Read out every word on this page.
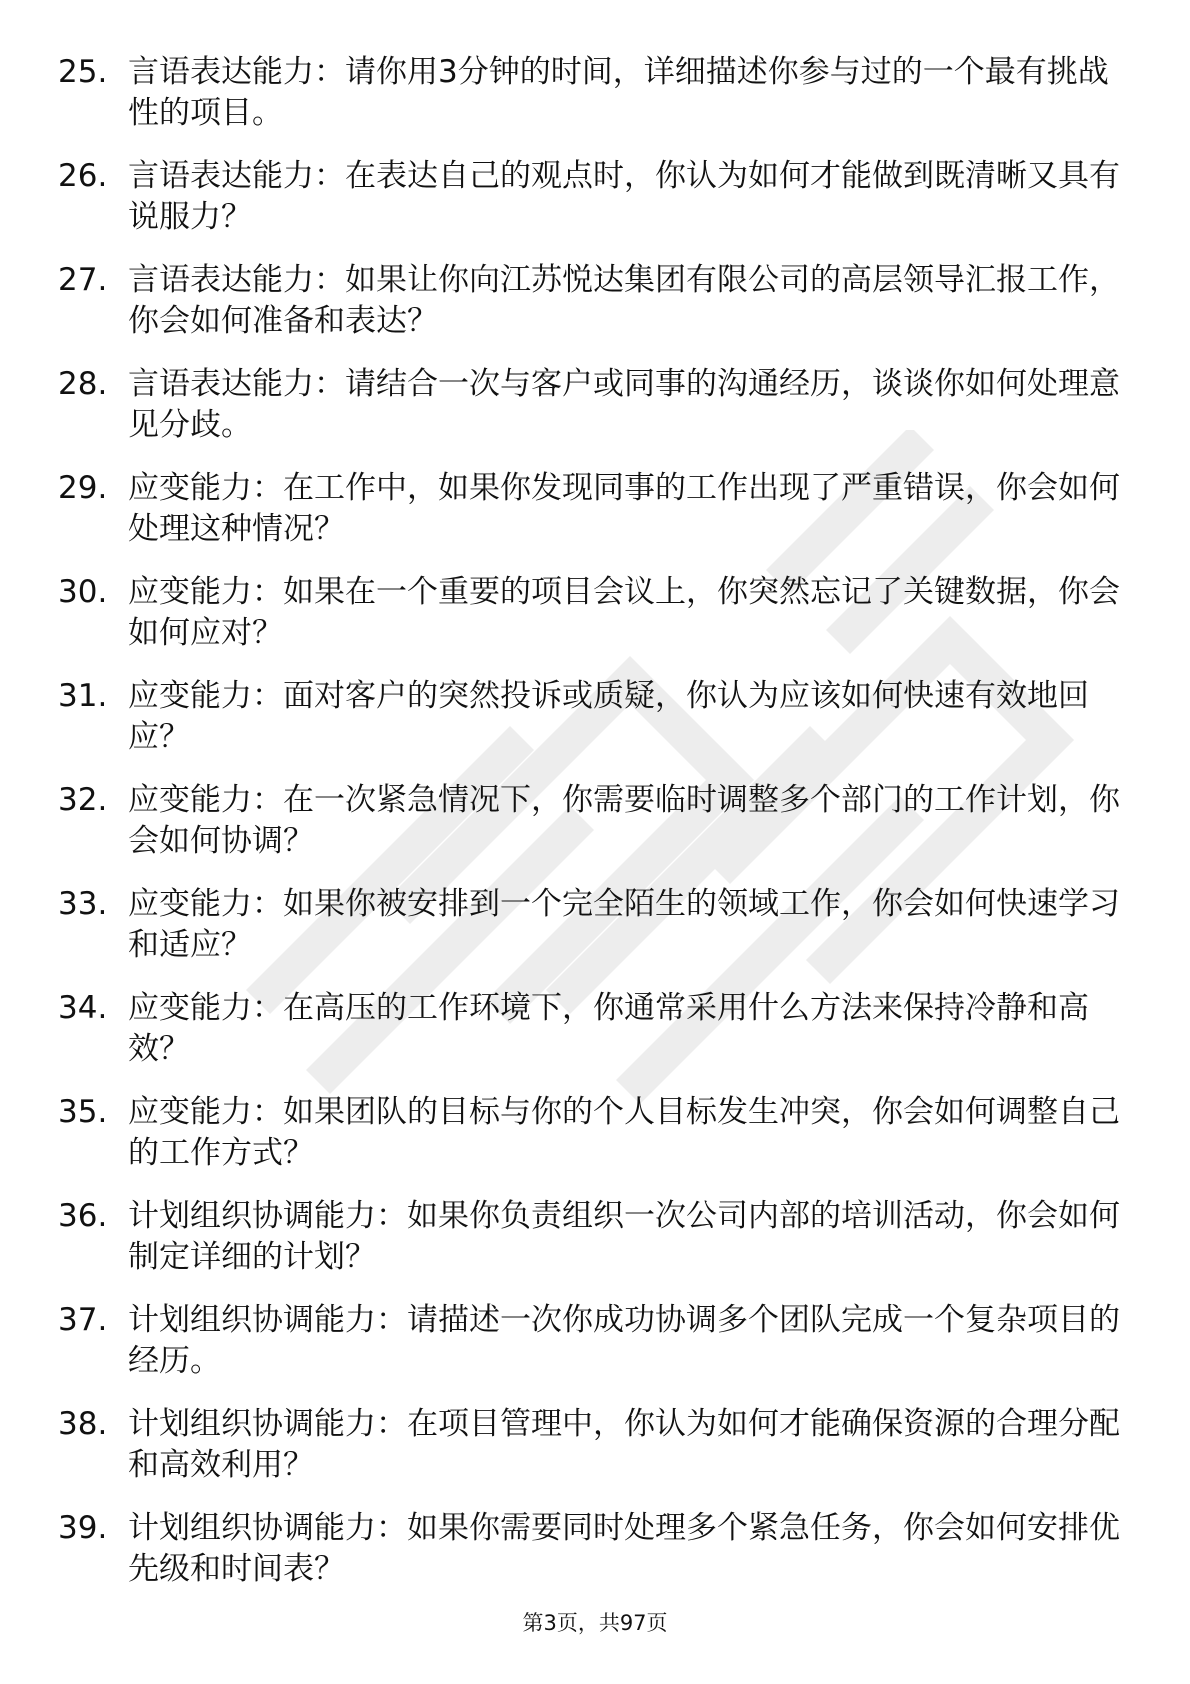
25. 言语表达能力：请你用3分钟的时间，详细描述你参与过的一个最有挑战性的项目。
26. 言语表达能力：在表达自己的观点时，你认为如何才能做到既清晰又具有说服力？
27. 言语表达能力：如果让你向江苏悦达集团有限公司的高层领导汇报工作，你会如何准备和表达？
28. 言语表达能力：请结合一次与客户或同事的沟通经历，谈谈你如何处理意见分歧。
29. 应变能力：在工作中，如果你发现同事的工作出现了严重错误，你会如何处理这种情况？
30. 应变能力：如果在一个重要的项目会议上，你突然忘记了关键数据，你会如何应对？
31. 应变能力：面对客户的突然投诉或质疑，你认为应该如何快速有效地回应？
32. 应变能力：在一次紧急情况下，你需要临时调整多个部门的工作计划，你会如何协调？
33. 应变能力：如果你被安排到一个完全陌生的领域工作，你会如何快速学习和适应？
34. 应变能力：在高压的工作环境下，你通常采用什么方法来保持冷静和高效？
35. 应变能力：如果团队的目标与你的个人目标发生冲突，你会如何调整自己的工作方式？
36. 计划组织协调能力：如果你负责组织一次公司内部的培训活动，你会如何制定详细的计划？
37. 计划组织协调能力：请描述一次你成功协调多个团队完成一个复杂项目的经历。
38. 计划组织协调能力：在项目管理中，你认为如何才能确保资源的合理分配和高效利用？
39. 计划组织协调能力：如果你需要同时处理多个紧急任务，你会如何安排优先级和时间表？
第3页，共97页
